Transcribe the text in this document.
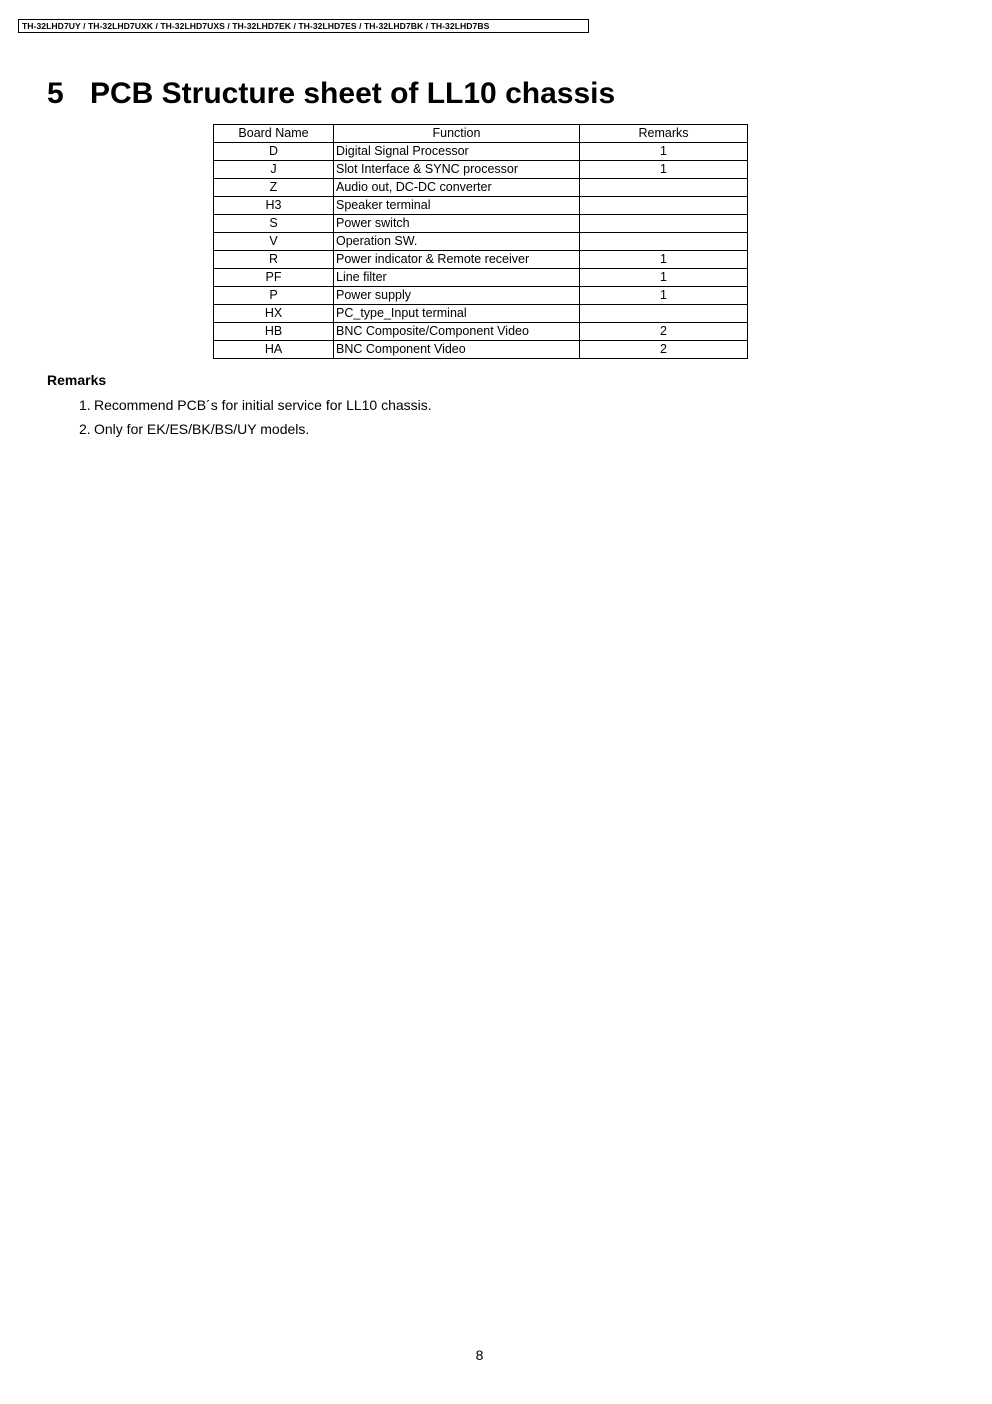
TH-32LHD7UY / TH-32LHD7UXK / TH-32LHD7UXS / TH-32LHD7EK / TH-32LHD7ES / TH-32LHD7BK / TH-32LHD7BS
5 PCB Structure sheet of LL10 chassis
Board Name	Function	Remarks
D	Digital Signal Processor	1
J	Slot Interface & SYNC processor	1
Z	Audio out, DC-DC converter	
H3	Speaker terminal	
S	Power switch	
V	Operation SW.	
R	Power indicator & Remote receiver	1
PF	Line filter	1
P	Power supply	1
HX	PC_type_Input terminal	
HB	BNC Composite/Component Video	2
HA	BNC Component Video	2
Remarks
1. Recommend PCB´s for initial service for LL10 chassis.
2. Only for EK/ES/BK/BS/UY models.
8
